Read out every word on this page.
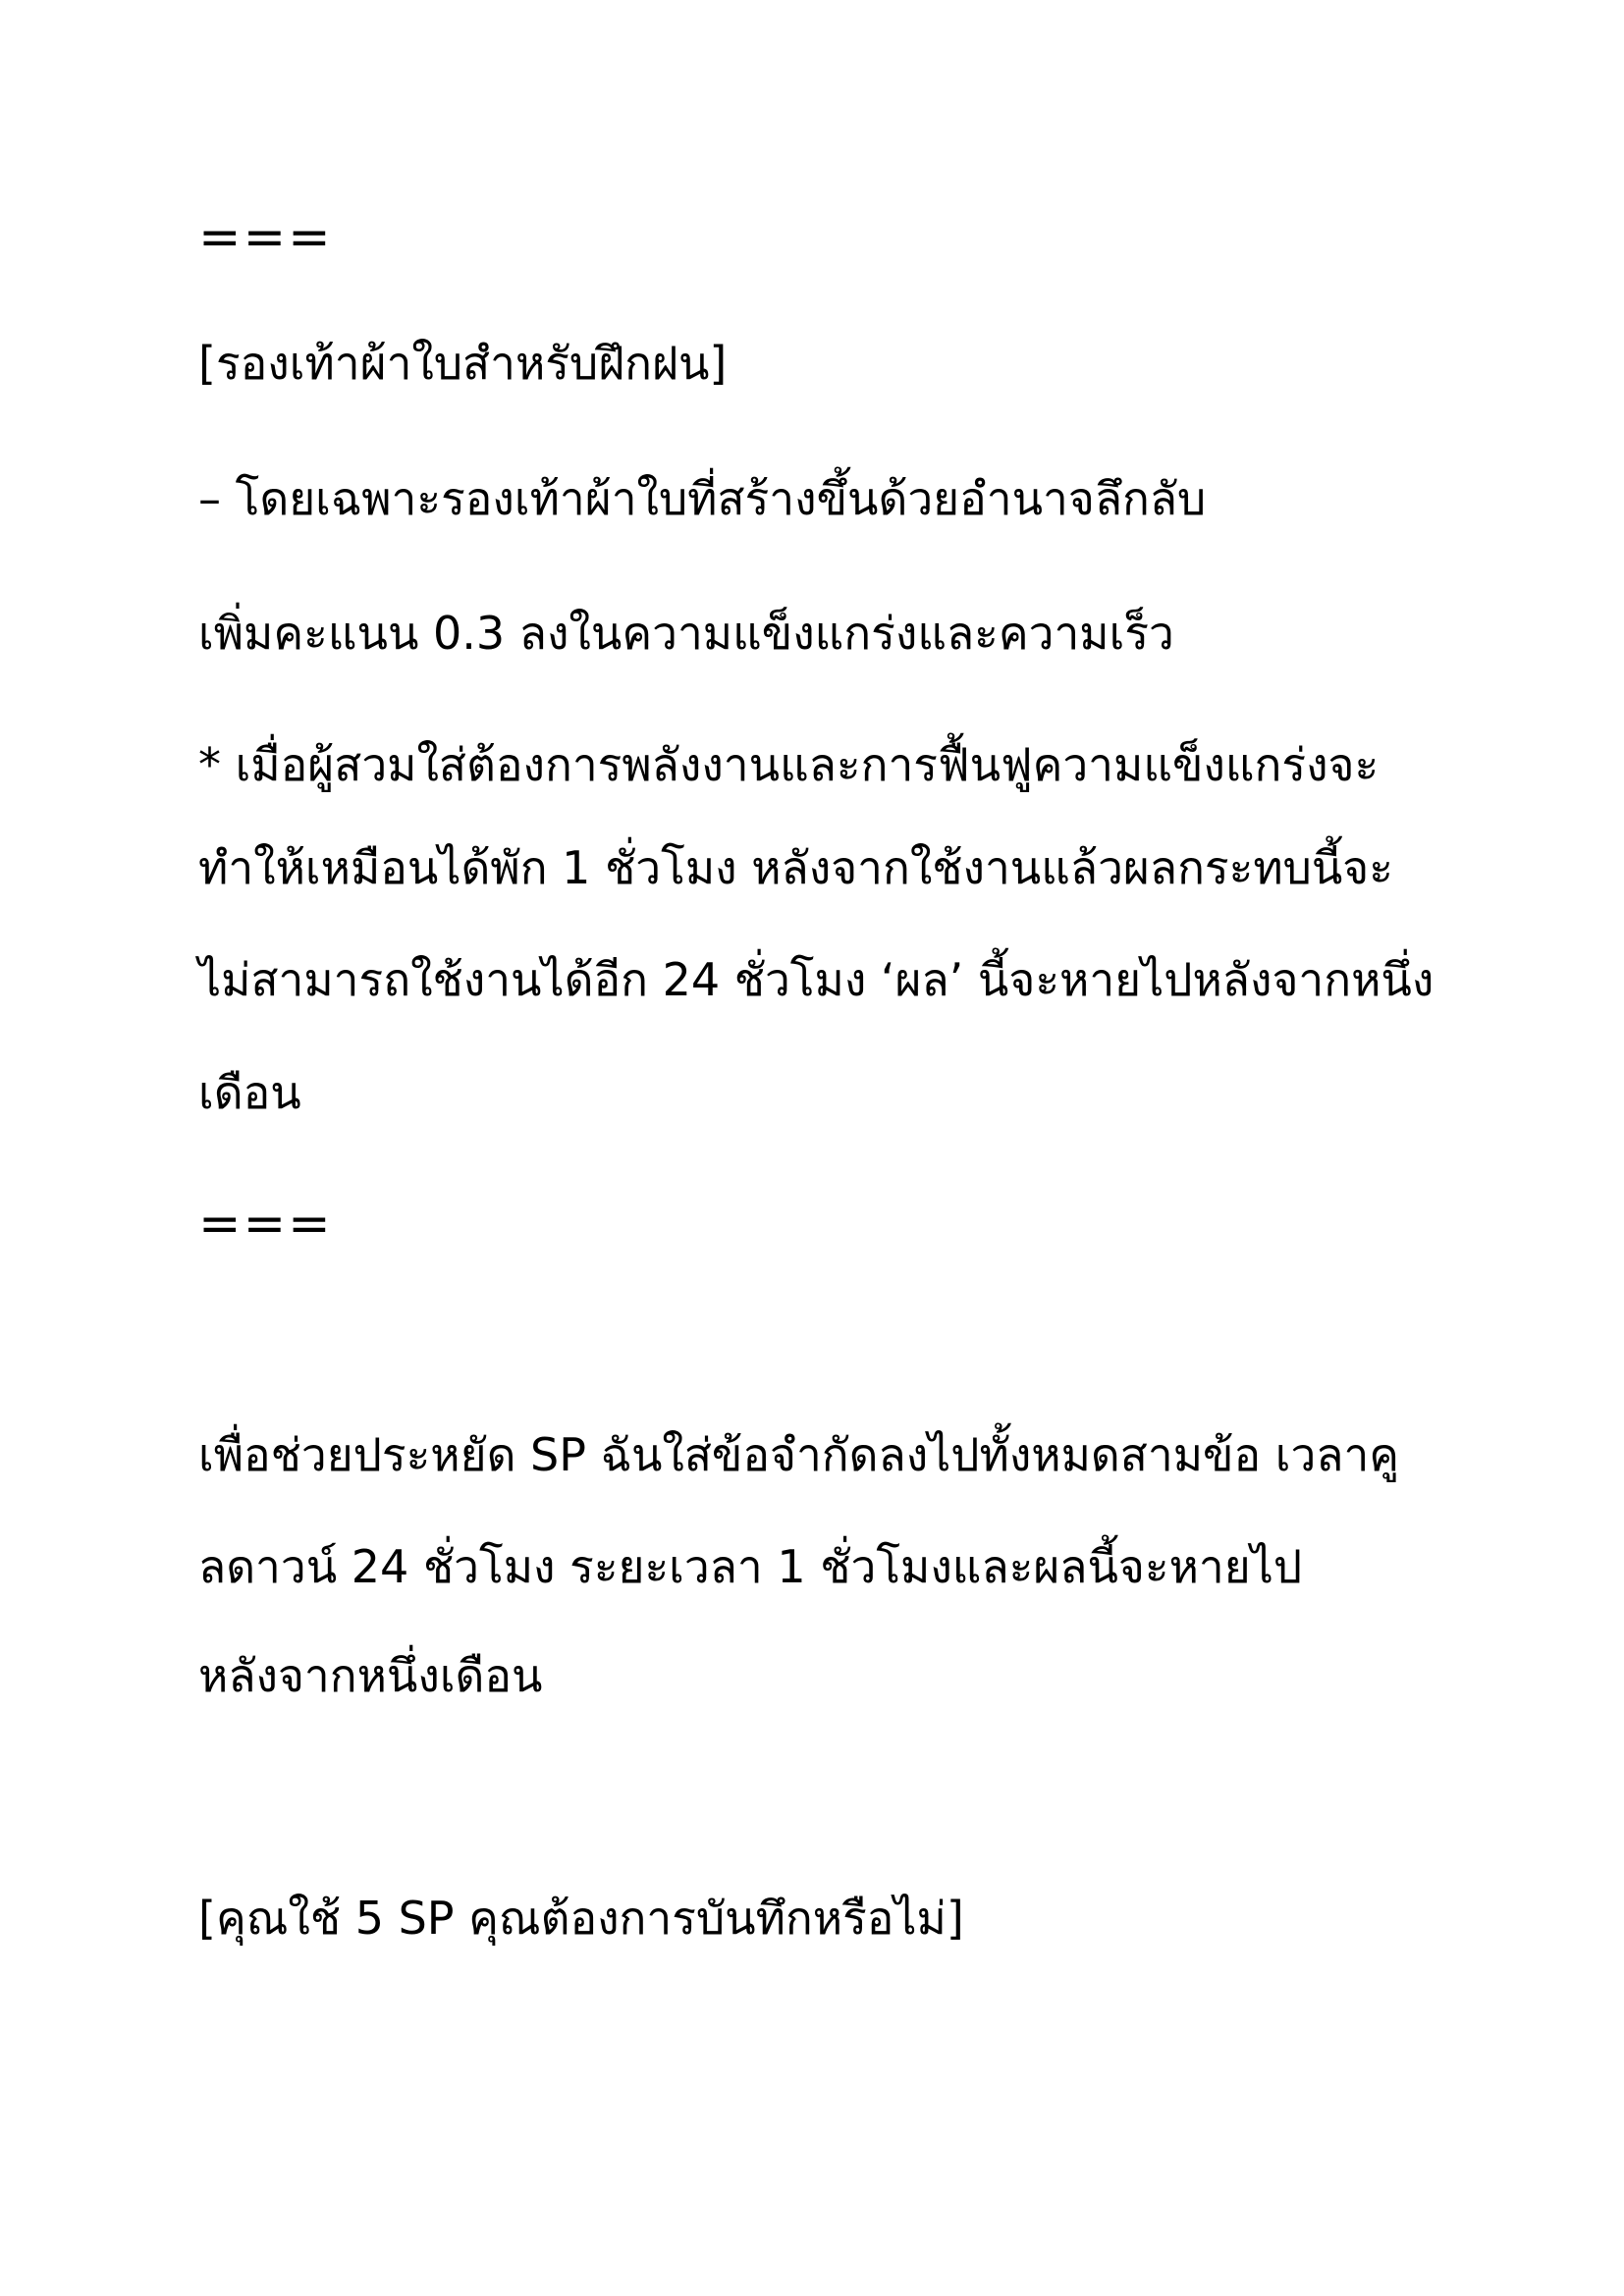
===
[รองเท้าผ้าใบสำหรับฝึกฝน]
– โดยเฉพาะรองเท้าผ้าใบที่สร้างขึ้นด้วยอำนาจลึกลับ
เพิ่มคะแนน 0.3 ลงในความแข็งแกร่งและความเร็ว
* เมื่อผู้สวมใส่ต้องการพลังงานและการฟื้นฟูความแข็งแกร่งจะ
ทำให้เหมือนได้พัก 1 ชั่วโมง หลังจากใช้งานแล้วผลกระทบนี้จะ
ไม่สามารถใช้งานได้อีก 24 ชั่วโมง ‘ผล’ นี้จะหายไปหลังจากหนึ่ง
เดือน
===
เพื่อช่วยประหยัด SP ฉันใส่ข้อจำกัดลงไปทั้งหมดสามข้อ เวลาคู
ลดาวน์ 24 ชั่วโมง ระยะเวลา 1 ชั่วโมงและผลนี้จะหายไป
หลังจากหนึ่งเดือน
[คุณใช้ 5 SP คุณต้องการบันทึกหรือไม่]
